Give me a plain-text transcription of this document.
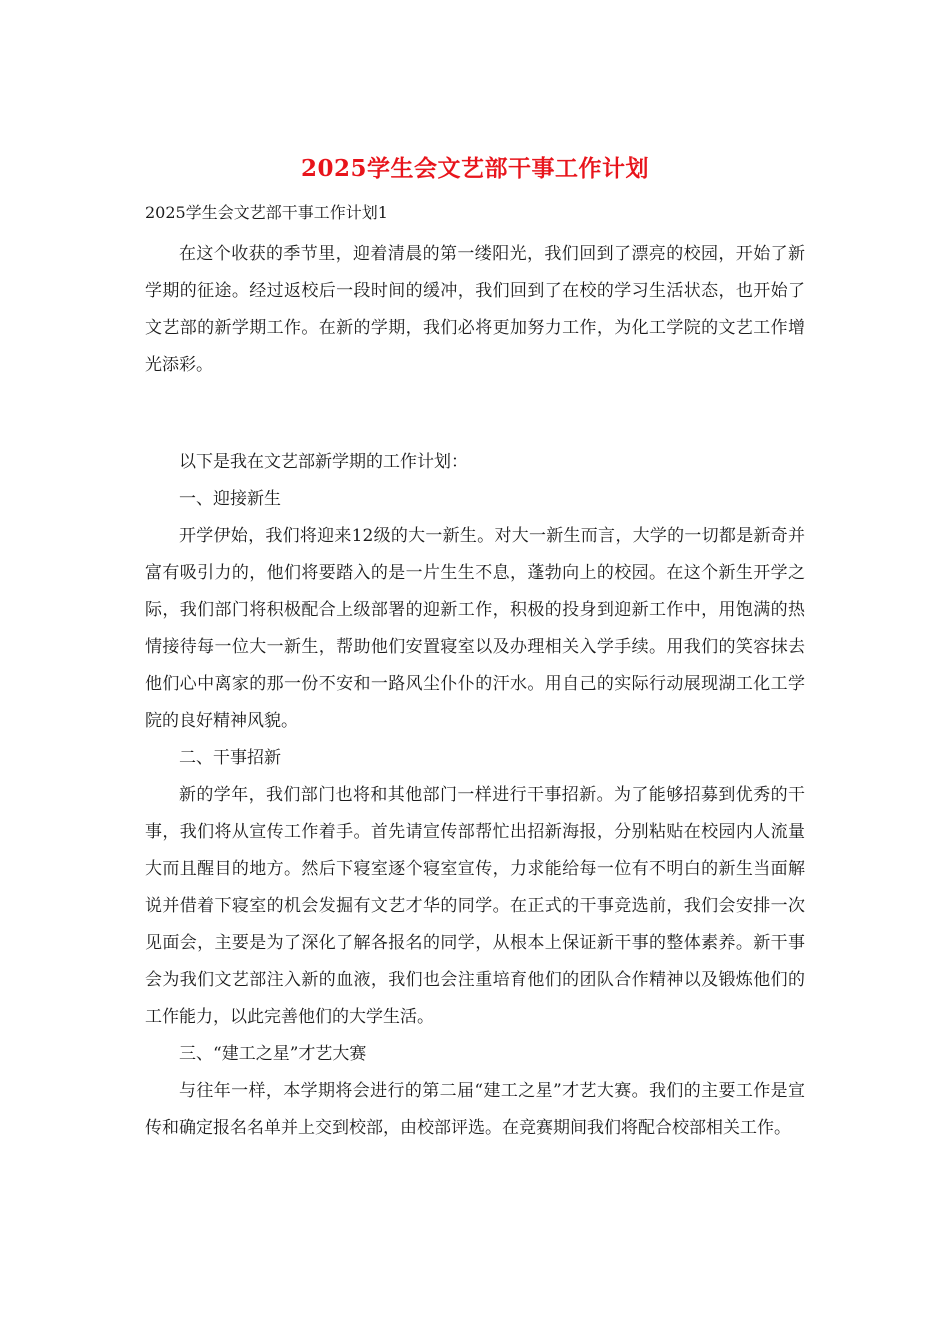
2025学生会文艺部干事工作计划
2025学生会文艺部干事工作计划1

在这个收获的季节里，迎着清晨的第一缕阳光，我们回到了漂亮的校园，开始了新学期的征途。经过返校后一段时间的缓冲，我们回到了在校的学习生活状态，也开始了文艺部的新学期工作。在新的学期，我们必将更加努力工作，为化工学院的文艺工作增光添彩。

以下是我在文艺部新学期的工作计划：

一、迎接新生

开学伊始，我们将迎来12级的大一新生。对大一新生而言，大学的一切都是新奇并富有吸引力的，他们将要踏入的是一片生生不息，蓬勃向上的校园。在这个新生开学之际，我们部门将积极配合上级部署的迎新工作，积极的投身到迎新工作中，用饱满的热情接待每一位大一新生，帮助他们安置寝室以及办理相关入学手续。用我们的笑容抹去他们心中离家的那一份不安和一路风尘仆仆的汗水。用自己的实际行动展现湖工化工学院的良好精神风貌。

二、干事招新

新的学年，我们部门也将和其他部门一样进行干事招新。为了能够招募到优秀的干事，我们将从宣传工作着手。首先请宣传部帮忙出招新海报，分别粘贴在校园内人流量大而且醒目的地方。然后下寝室逐个寝室宣传，力求能给每一位有不明白的新生当面解说并借着下寝室的机会发掘有文艺才华的同学。在正式的干事竞选前，我们会安排一次见面会，主要是为了深化了解各报名的同学，从根本上保证新干事的整体素养。新干事会为我们文艺部注入新的血液，我们也会注重培育他们的团队合作精神以及锻炼他们的工作能力，以此完善他们的大学生活。

三、“建工之星”才艺大赛

与往年一样，本学期将会进行的第二届“建工之星”才艺大赛。我们的主要工作是宣传和确定报名名单并上交到校部，由校部评选。在竞赛期间我们将配合校部相关工作。
